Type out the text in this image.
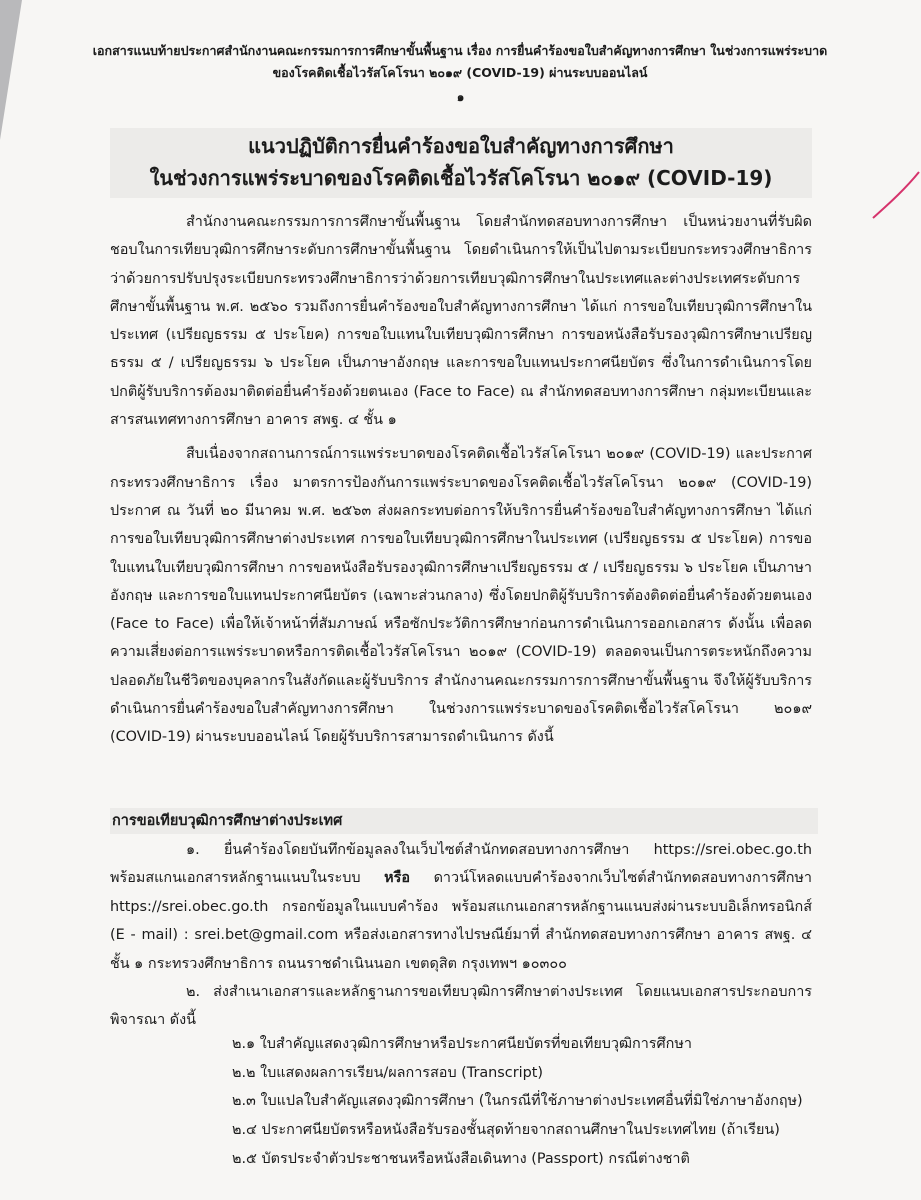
เอกสารแนบท้ายประกาศสำนักงานคณะกรรมการการศึกษาขั้นพื้นฐาน เรื่อง การยื่นคำร้องขอใบสำคัญทางการศึกษา ในช่วงการแพร่ระบาด
ของโรคติดเชื้อไวรัสโคโรนา ๒๐๑๙ (COVID-19) ผ่านระบบออนไลน์
๑
แนวปฏิบัติการยื่นคำร้องขอใบสำคัญทางการศึกษา
ในช่วงการแพร่ระบาดของโรคติดเชื้อไวรัสโคโรนา ๒๐๑๙ (COVID-19)

สำนักงานคณะกรรมการการศึกษาขั้นพื้นฐาน โดยสำนักทดสอบทางการศึกษา เป็นหน่วยงานที่รับผิดชอบในการเทียบวุฒิการศึกษาระดับการศึกษาขั้นพื้นฐาน โดยดำเนินการให้เป็นไปตามระเบียบกระทรวงศึกษาธิการว่าด้วยการปรับปรุงระเบียบกระทรวงศึกษาธิการว่าด้วยการเทียบวุฒิการศึกษาในประเทศและต่างประเทศระดับการศึกษาขั้นพื้นฐาน พ.ศ. ๒๕๖๐ รวมถึงการยื่นคำร้องขอใบสำคัญทางการศึกษา ได้แก่ การขอใบเทียบวุฒิการศึกษาในประเทศ (เปรียญธรรม ๕ ประโยค) การขอใบแทนใบเทียบวุฒิการศึกษา การขอหนังสือรับรองวุฒิการศึกษาเปรียญธรรม ๕ / เปรียญธรรม ๖ ประโยค เป็นภาษาอังกฤษ และการขอใบแทนประกาศนียบัตร ซึ่งในการดำเนินการโดยปกติผู้รับบริการต้องมาติดต่อยื่นคำร้องด้วยตนเอง (Face to Face) ณ สำนักทดสอบทางการศึกษา กลุ่มทะเบียนและสารสนเทศทางการศึกษา อาคาร สพฐ. ๔ ชั้น ๑

สืบเนื่องจากสถานการณ์การแพร่ระบาดของโรคติดเชื้อไวรัสโคโรนา ๒๐๑๙ (COVID-19) และประกาศกระทรวงศึกษาธิการ เรื่อง มาตรการป้องกันการแพร่ระบาดของโรคติดเชื้อไวรัสโคโรนา ๒๐๑๙ (COVID-19) ประกาศ ณ วันที่ ๒๐ มีนาคม พ.ศ. ๒๕๖๓ ส่งผลกระทบต่อการให้บริการยื่นคำร้องขอใบสำคัญทางการศึกษา ได้แก่ การขอใบเทียบวุฒิการศึกษาต่างประเทศ การขอใบเทียบวุฒิการศึกษาในประเทศ (เปรียญธรรม ๕ ประโยค) การขอใบแทนใบเทียบวุฒิการศึกษา การขอหนังสือรับรองวุฒิการศึกษาเปรียญธรรม ๕ / เปรียญธรรม ๖ ประโยค เป็นภาษาอังกฤษ และการขอใบแทนประกาศนียบัตร (เฉพาะส่วนกลาง) ซึ่งโดยปกติผู้รับบริการต้องติดต่อยื่นคำร้องด้วยตนเอง (Face to Face) เพื่อให้เจ้าหน้าที่สัมภาษณ์ หรือซักประวัติการศึกษาก่อนการดำเนินการออกเอกสาร ดังนั้น เพื่อลดความเสี่ยงต่อการแพร่ระบาดหรือการติดเชื้อไวรัสโคโรนา ๒๐๑๙ (COVID-19) ตลอดจนเป็นการตระหนักถึงความปลอดภัยในชีวิตของบุคลากรในสังกัดและผู้รับบริการ สำนักงานคณะกรรมการการศึกษาขั้นพื้นฐาน จึงให้ผู้รับบริการดำเนินการยื่นคำร้องขอใบสำคัญทางการศึกษา ในช่วงการแพร่ระบาดของโรคติดเชื้อไวรัสโคโรนา ๒๐๑๙ (COVID-19) ผ่านระบบออนไลน์ โดยผู้รับบริการสามารถดำเนินการ ดังนี้

การขอเทียบวุฒิการศึกษาต่างประเทศ

๑. ยื่นคำร้องโดยบันทึกข้อมูลลงในเว็บไซต์สำนักทดสอบทางการศึกษา https://srei.obec.go.th พร้อมสแกนเอกสารหลักฐานแนบในระบบ หรือ ดาวน์โหลดแบบคำร้องจากเว็บไซต์สำนักทดสอบทางการศึกษา https://srei.obec.go.th กรอกข้อมูลในแบบคำร้อง พร้อมสแกนเอกสารหลักฐานแนบส่งผ่านระบบอิเล็กทรอนิกส์ (E - mail) : srei.bet@gmail.com หรือส่งเอกสารทางไปรษณีย์มาที่ สำนักทดสอบทางการศึกษา อาคาร สพฐ. ๔ ชั้น ๑ กระทรวงศึกษาธิการ ถนนราชดำเนินนอก เขตดุสิต กรุงเทพฯ ๑๐๓๐๐

๒. ส่งสำเนาเอกสารและหลักฐานการขอเทียบวุฒิการศึกษาต่างประเทศ โดยแนบเอกสารประกอบการพิจารณา ดังนี้

๒.๑ ใบสำคัญแสดงวุฒิการศึกษาหรือประกาศนียบัตรที่ขอเทียบวุฒิการศึกษา

๒.๒ ใบแสดงผลการเรียน/ผลการสอบ (Transcript)

๒.๓ ใบแปลใบสำคัญแสดงวุฒิการศึกษา (ในกรณีที่ใช้ภาษาต่างประเทศอื่นที่มิใช่ภาษาอังกฤษ)

๒.๔ ประกาศนียบัตรหรือหนังสือรับรองชั้นสุดท้ายจากสถานศึกษาในประเทศไทย (ถ้าเรียน)

๒.๕ บัตรประจำตัวประชาชนหรือหนังสือเดินทาง (Passport) กรณีต่างชาติ
